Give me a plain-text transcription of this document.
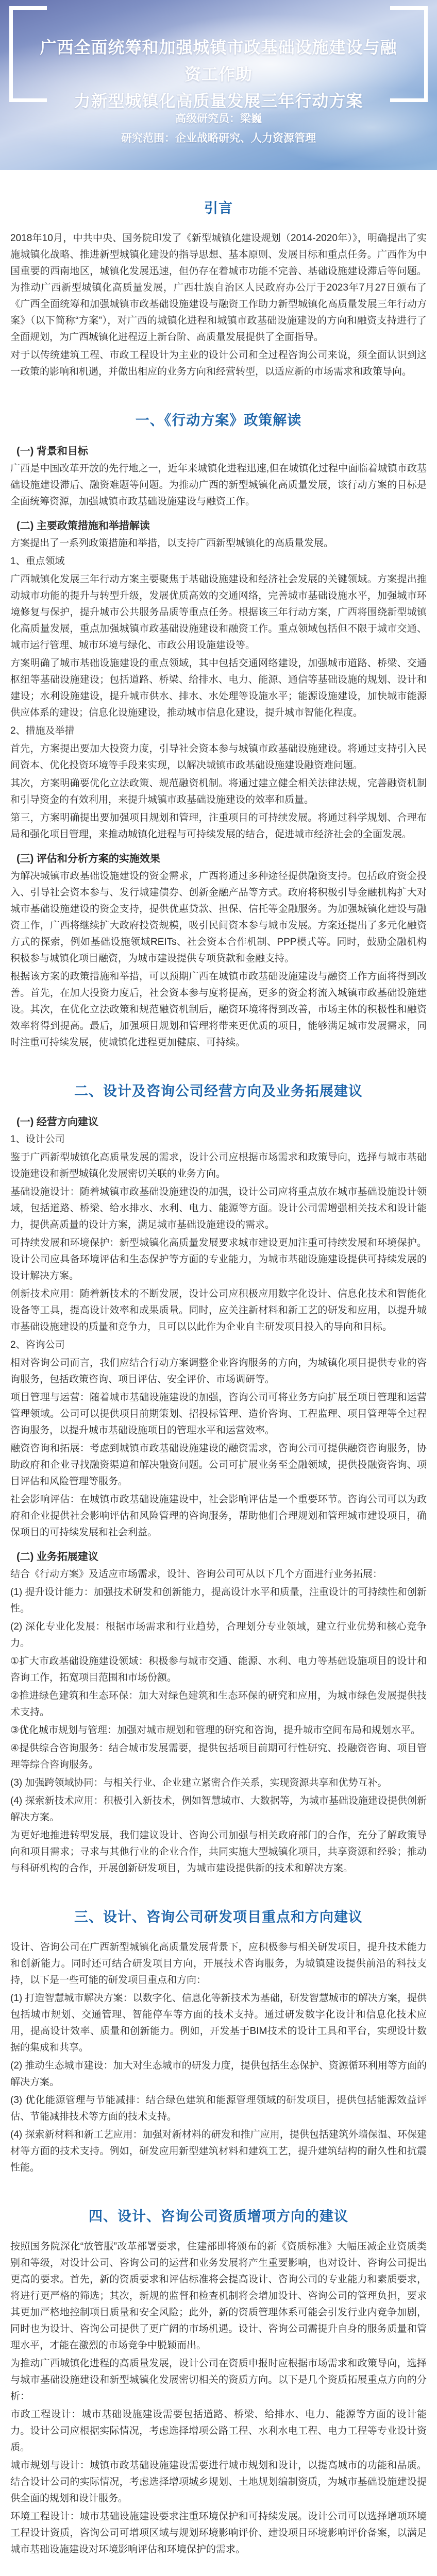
广西全面统筹和加强城镇市政基础设施建设与融资工作助
力新型城镇化高质量发展三年行动方案
高级研究员：梁巍
研究范围：企业战略研究、人力资源管理
引言

2018年10月，中共中央、国务院印发了《新型城镇化建设规划（2014-2020年）》，明确提出了实施城镇化战略、推进新型城镇化建设的指导思想、基本原则、发展目标和重点任务。广西作为中国重要的西南地区，城镇化发展迅速，但仍存在着城市功能不完善、基础设施建设滞后等问题。为推动广西新型城镇化高质量发展，广西壮族自治区人民政府办公厅于2023年7月27日颁布了《广西全面统筹和加强城镇市政基础设施建设与融资工作助力新型城镇化高质量发展三年行动方案》（以下简称“方案”），对广西的城镇化进程和城镇市政基础设施建设的方向和融资支持进行了全面规划，为广西城镇化进程迈上新台阶、高质量发展提供了全面指导。

对于以传统建筑工程、市政工程设计为主业的设计公司和全过程咨询公司来说，须全面认识到这一政策的影响和机遇，并做出相应的业务方向和经营转型，以适应新的市场需求和政策导向。

一、《行动方案》政策解读
(一) 背景和目标

广西是中国改革开放的先行地之一，近年来城镇化进程迅速,但在城镇化过程中面临着城镇市政基础设施建设滞后、融资难题等问题。为推动广西的新型城镇化高质量发展，该行动方案的目标是全面统筹资源，加强城镇市政基础设施建设与融资工作。

(二) 主要政策措施和举措解读

方案提出了一系列政策措施和举措，以支持广西新型城镇化的高质量发展。

1、重点领域

广西城镇化发展三年行动方案主要聚焦于基础设施建设和经济社会发展的关键领域。方案提出推动城市功能的提升与转型升级，发展优质高效的交通网络，完善城市基础设施水平，加强城市环境修复与保护，提升城市公共服务品质等重点任务。根据该三年行动方案，广西将围绕新型城镇化高质量发展，重点加强城镇市政基础设施建设和融资工作。重点领域包括但不限于城市交通、城市运行管理、城市环境与绿化、市政公用设施建设等。

方案明确了城市基础设施建设的重点领域，其中包括交通网络建设，加强城市道路、桥梁、交通枢纽等基础设施建设；包括道路、桥梁、给排水、电力、能源、通信等基础设施的规划、设计和建设；水利设施建设，提升城市供水、排水、水处理等设施水平；能源设施建设，加快城市能源供应体系的建设；信息化设施建设，推动城市信息化建设，提升城市智能化程度。

2、措施及举措

首先，方案提出要加大投资力度，引导社会资本参与城镇市政基础设施建设。将通过支持引入民间资本、优化投资环境等手段来实现，以解决城镇市政基础设施建设融资难问题。

其次，方案明确要优化立法政策、规范融资机制。将通过建立健全相关法律法规，完善融资机制和引导资金的有效利用，来提升城镇市政基础设施建设的效率和质量。

第三，方案明确提出要加强项目规划和管理，注重项目的可持续发展。将通过科学规划、合理布局和强化项目管理，来推动城镇化进程与可持续发展的结合，促进城市经济社会的全面发展。

(三) 评估和分析方案的实施效果

为解决城镇市政基础设施建设的资金需求，广西将通过多种途径提供融资支持。包括政府资金投入、引导社会资本参与、发行城建债券、创新金融产品等方式。政府将积极引导金融机构扩大对城市基础设施建设的资金支持，提供优惠贷款、担保、信托等金融服务。为加强城镇化建设与融资工作，广西将继续扩大政府投资规模，吸引民间资本参与城市发展。方案还提出了多元化融资方式的探索，例如基础设施领域REITs、社会资本合作机制、PPP模式等。同时，鼓励金融机构积极参与城镇化项目融资，为城市建设提供专项贷款和金融支持。

根据该方案的政策措施和举措，可以预期广西在城镇市政基础设施建设与融资工作方面将得到改善。首先，在加大投资力度后，社会资本参与度将提高，更多的资金将流入城镇市政基础设施建设。其次，在优化立法政策和规范融资机制后，融资环境将得到改善，市场主体的积极性和融资效率将得到提高。最后，加强项目规划和管理将带来更优质的项目，能够满足城市发展需求，同时注重可持续发展，使城镇化进程更加健康、可持续。

二、设计及咨询公司经营方向及业务拓展建议
(一) 经营方向建议

1、设计公司

鉴于广西新型城镇化高质量发展的需求，设计公司应根据市场需求和政策导向，选择与城市基础设施建设和新型城镇化发展密切关联的业务方向。

基础设施设计：随着城镇市政基础设施建设的加强，设计公司应将重点放在城市基础设施设计领域，包括道路、桥梁、给水排水、水利、电力、能源等方面。设计公司需增强相关技术和设计能力，提供高质量的设计方案，满足城市基础设施建设的需求。

可持续发展和环境保护：新型城镇化高质量发展要求城市建设更加注重可持续发展和环境保护。设计公司应具备环境评估和生态保护等方面的专业能力，为城市基础设施建设提供可持续发展的设计解决方案。

创新技术应用：随着新技术的不断发展，设计公司应积极应用数字化设计、信息化技术和智能化设备等工具，提高设计效率和成果质量。同时，应关注新材料和新工艺的研发和应用，以提升城市基础设施建设的质量和竞争力，且可以以此作为企业自主研发项目投入的导向和目标。

2、咨询公司

相对咨询公司而言，我们应结合行动方案调整企业咨询服务的方向，为城镇化项目提供专业的咨询服务，包括政策咨询、项目评估、安全评价、市场调研等。

项目管理与运营：随着城市基础设施建设的加强，咨询公司可将业务方向扩展至项目管理和运营管理领域。公司可以提供项目前期策划、招投标管理、造价咨询、工程监理、项目管理等全过程咨询服务，以提升城市基础设施项目的管理水平和运营效率。

融资咨询和拓展：考虑到城镇市政基础设施建设的融资需求，咨询公司可提供融资咨询服务，协助政府和企业寻找融资渠道和解决融资问题。公司可扩展业务至金融领域，提供投融资咨询、项目评估和风险管理等服务。

社会影响评估：在城镇市政基础设施建设中，社会影响评估是一个重要环节。咨询公司可以为政府和企业提供社会影响评估和风险管理的咨询服务，帮助他们合理规划和管理城市建设项目，确保项目的可持续发展和社会利益。

(二) 业务拓展建议

结合《行动方案》及适应市场需求，设计、咨询公司可从以下几个方面进行业务拓展：

(1) 提升设计能力：加强技术研发和创新能力，提高设计水平和质量，注重设计的可持续性和创新性。

(2) 深化专业化发展：根据市场需求和行业趋势，合理划分专业领域，建立行业优势和核心竞争力。

①扩大市政基础设施建设领域：积极参与城市交通、能源、水利、电力等基础设施项目的设计和咨询工作，拓宽项目范围和市场份额。

②推进绿色建筑和生态环保：加大对绿色建筑和生态环保的研究和应用，为城市绿色发展提供技术支持。

③优化城市规划与管理：加强对城市规划和管理的研究和咨询，提升城市空间布局和规划水平。

④提供综合咨询服务：结合城市发展需要，提供包括项目前期可行性研究、投融资咨询、项目管理等综合咨询服务。

(3) 加强跨领域协同：与相关行业、企业建立紧密合作关系，实现资源共享和优势互补。

(4) 探索新技术应用：积极引入新技术，例如智慧城市、大数据等，为城市基础设施建设提供创新解决方案。

为更好地推进转型发展，我们建议设计、咨询公司加强与相关政府部门的合作，充分了解政策导向和项目需求；寻求与其他行业的企业合作，共同实施大型城镇化项目，共享资源和经验；推动与科研机构的合作，开展创新研发项目，为城市建设提供新的技术和解决方案。

三、设计、咨询公司研发项目重点和方向建议

设计、咨询公司在广西新型城镇化高质量发展背景下，应积极参与相关研发项目，提升技术能力和创新能力。同时还可结合研发项目方向，开展技术咨询服务，为城镇建设提供前沿的科技支持，以下是一些可能的研发项目重点和方向：

(1) 打造智慧城市解决方案：以数字化、信息化等新技术为基础，研发智慧城市的解决方案，提供包括城市规划、交通管理、智能停车等方面的技术支持。通过研发数字化设计和信息化技术应用，提高设计效率、质量和创新能力。例如，开发基于BIM技术的设计工具和平台，实现设计数据的集成和共享。

(2) 推动生态城市建设：加大对生态城市的研发力度，提供包括生态保护、资源循环利用等方面的解决方案。

(3) 优化能源管理与节能减排：结合绿色建筑和能源管理领域的研发项目，提供包括能源效益评估、节能减排技术等方面的技术支持。

(4) 探索新材料和新工艺应用：加强对新材料的研发和推广应用，提供包括建筑外墙保温、环保建材等方面的技术支持。例如，研发应用新型建筑材料和建筑工艺，提升建筑结构的耐久性和抗震性能。

四、设计、咨询公司资质增项方向的建议

按照国务院深化“放管服”改革部署要求，住建部即将颁布的新《资质标准》大幅压减企业资质类别和等级，对设计公司、咨询公司的运营和业务发展将产生重要影响，也对设计、咨询公司提出更高的要求。首先，新的资质要求和评估标准将会提高设计、咨询公司的专业能力和素质要求，将进行更严格的筛选；其次，新规的监督和检查机制将会增加设计、咨询公司的管理负担，要求其更加严格地控制项目质量和安全风险；此外，新的资质管理体系可能会引发行业内竞争加剧，同时也为设计、咨询公司提供了更广阔的市场机遇。设计、咨询公司需提升自身的服务质量和管理水平，才能在激烈的市场竞争中脱颖而出。

为推动广西城镇化进程的高质量发展，设计公司在资质申报时应根据市场需求和政策导向，选择与城市基础设施建设和新型城镇化发展密切相关的资质方向。以下是几个资质拓展重点方向的分析：

市政工程设计：城市基础设施建设需要包括道路、桥梁、给排水、电力、能源等方面的设计能力。设计公司应根据实际情况，考虑选择增项公路工程、水利水电工程、电力工程等专业设计资质。

城市规划与设计：城镇市政基础设施建设需要进行城市规划和设计，以提高城市的功能和品质。结合设计公司的实际情况，考虑选择增项城乡规划、土地规划编制资质，为城市基础设施建设提供全面的规划和设计服务。

环境工程设计：城市基础设施建设要求注重环境保护和可持续发展。设计公司可以选择增项环境工程设计资质，咨询公司可增项区域与规划环境影响评价、建设项目环境影响评价备案，以满足城市基础设施建设对环境影响评估和环境保护的需求。
